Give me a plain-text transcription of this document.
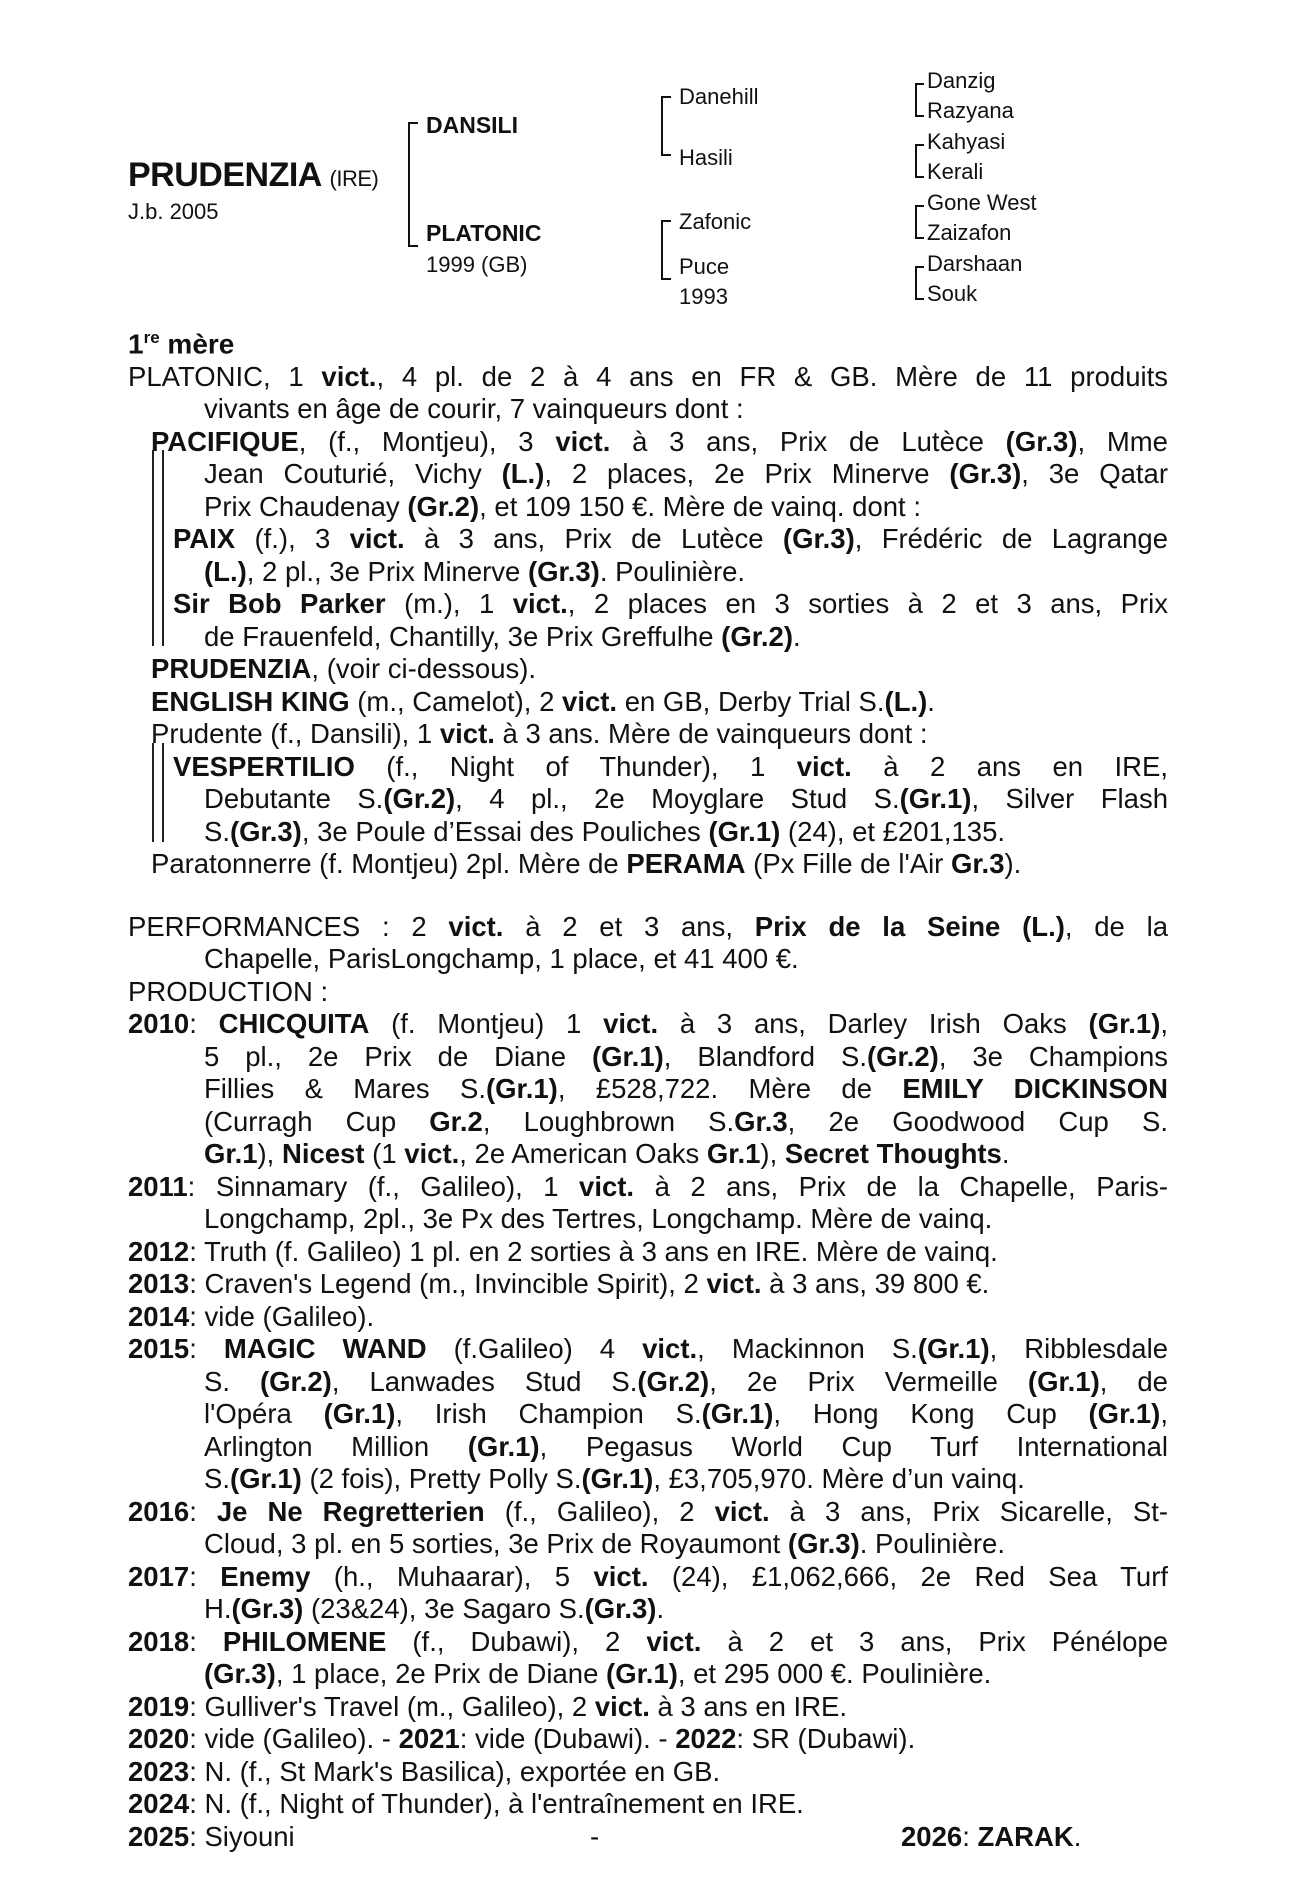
PRUDENZIA (IRE)
J.b. 2005
DANSILI
PLATONIC
1999 (GB)
Danehill
Hasili
Zafonic
Puce
1993
Danzig
Razyana
Kahyasi
Kerali
Gone West
Zaizafon
Darshaan
Souk
1re mère
PLATONIC, 1 vict., 4 pl. de 2 à 4 ans en FR & GB. Mère de 11 produits
vivants en âge de courir, 7 vainqueurs dont :
PACIFIQUE, (f., Montjeu), 3 vict. à 3 ans, Prix de Lutèce (Gr.3), Mme
Jean Couturié, Vichy (L.), 2 places, 2e Prix Minerve (Gr.3), 3e Qatar
Prix Chaudenay (Gr.2), et 109 150 €. Mère de vainq. dont :
PAIX (f.), 3 vict. à 3 ans, Prix de Lutèce (Gr.3), Frédéric de Lagrange
(L.), 2 pl., 3e Prix Minerve (Gr.3). Poulinière.
Sir Bob Parker (m.), 1 vict., 2 places en 3 sorties à 2 et 3 ans, Prix
de Frauenfeld, Chantilly, 3e Prix Greffulhe (Gr.2).
PRUDENZIA, (voir ci-dessous).
ENGLISH KING (m., Camelot), 2 vict. en GB, Derby Trial S.(L.).
Prudente (f., Dansili), 1 vict. à 3 ans. Mère de vainqueurs dont :
VESPERTILIO (f., Night of Thunder), 1 vict. à 2 ans en IRE,
Debutante S.(Gr.2), 4 pl., 2e Moyglare Stud S.(Gr.1), Silver Flash
S.(Gr.3), 3e Poule d’Essai des Pouliches (Gr.1) (24), et £201,135.
Paratonnerre (f. Montjeu) 2pl. Mère de PERAMA (Px Fille de l'Air Gr.3).
PERFORMANCES : 2 vict. à 2 et 3 ans, Prix de la Seine (L.), de la
Chapelle, ParisLongchamp, 1 place, et 41 400 €.
PRODUCTION :
2010: CHICQUITA (f. Montjeu) 1 vict. à 3 ans, Darley Irish Oaks (Gr.1),
5 pl., 2e Prix de Diane (Gr.1), Blandford S.(Gr.2), 3e Champions
Fillies & Mares S.(Gr.1), £528,722. Mère de EMILY DICKINSON
(Curragh Cup Gr.2, Loughbrown S.Gr.3, 2e Goodwood Cup S.
Gr.1), Nicest (1 vict., 2e American Oaks Gr.1), Secret Thoughts.
2011: Sinnamary (f., Galileo), 1 vict. à 2 ans, Prix de la Chapelle, Paris-
Longchamp, 2pl., 3e Px des Tertres, Longchamp. Mère de vainq.
2012: Truth (f. Galileo) 1 pl. en 2 sorties à 3 ans en IRE. Mère de vainq.
2013: Craven's Legend (m., Invincible Spirit), 2 vict. à 3 ans, 39 800 €.
2014: vide (Galileo).
2015: MAGIC WAND (f.Galileo) 4 vict., Mackinnon S.(Gr.1), Ribblesdale
S. (Gr.2), Lanwades Stud S.(Gr.2), 2e Prix Vermeille (Gr.1), de
l'Opéra (Gr.1), Irish Champion S.(Gr.1), Hong Kong Cup (Gr.1),
Arlington Million (Gr.1), Pegasus World Cup Turf International
S.(Gr.1) (2 fois), Pretty Polly S.(Gr.1), £3,705,970. Mère d’un vainq.
2016: Je Ne Regretterien (f., Galileo), 2 vict. à 3 ans, Prix Sicarelle, St-
Cloud, 3 pl. en 5 sorties, 3e Prix de Royaumont (Gr.3). Poulinière.
2017: Enemy (h., Muhaarar), 5 vict. (24), £1,062,666, 2e Red Sea Turf
H.(Gr.3) (23&24), 3e Sagaro S.(Gr.3).
2018: PHILOMENE (f., Dubawi), 2 vict. à 2 et 3 ans, Prix Pénélope
(Gr.3), 1 place, 2e Prix de Diane (Gr.1), et 295 000 €. Poulinière.
2019: Gulliver's Travel (m., Galileo), 2 vict. à 3 ans en IRE.
2020: vide (Galileo). - 2021: vide (Dubawi). - 2022: SR (Dubawi).
2023: N. (f., St Mark's Basilica), exportée en GB.
2024: N. (f., Night of Thunder), à l'entraînement en IRE.
2025: Siyouni	-	2026: ZARAK.
